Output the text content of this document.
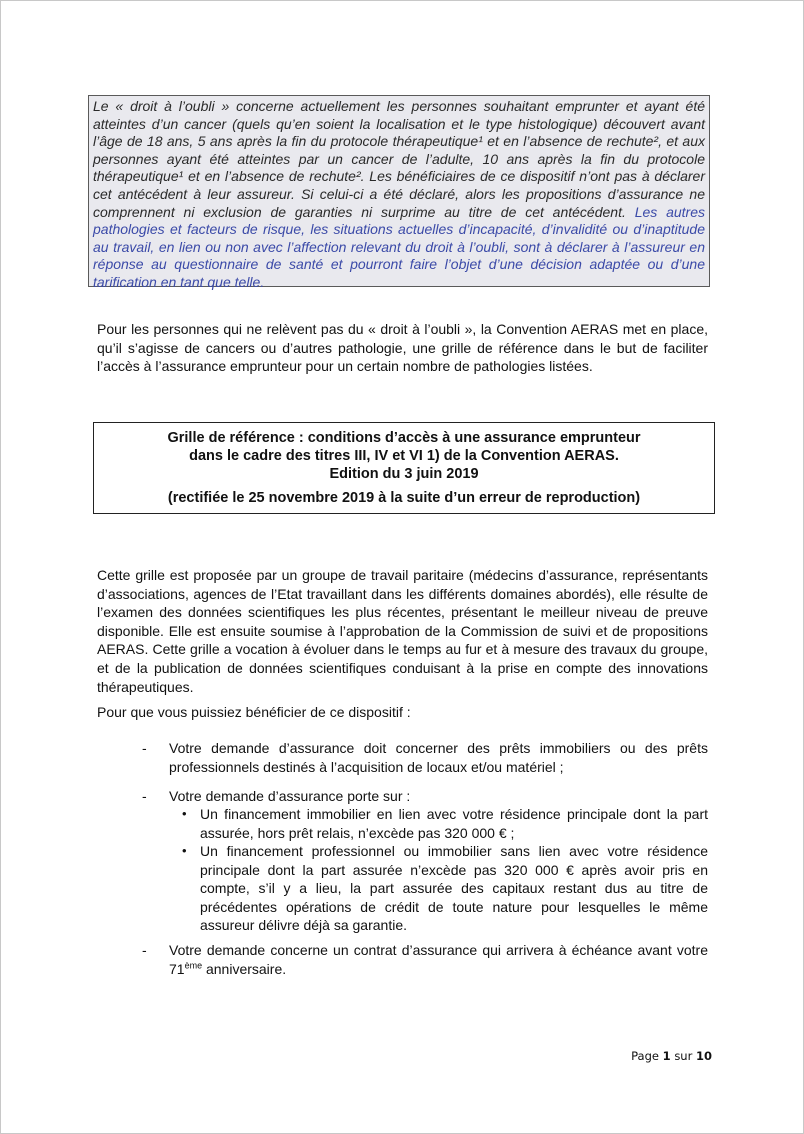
Le « droit à l’oubli » concerne actuellement les personnes souhaitant emprunter et ayant été atteintes d’un cancer (quels qu’en soient la localisation et le type histologique) découvert avant l’âge de 18 ans, 5 ans après la fin du protocole thérapeutique¹ et en l’absence de rechute², et aux personnes ayant été atteintes par un cancer de l’adulte, 10 ans après la fin du protocole thérapeutique¹ et en l’absence de rechute². Les bénéficiaires de ce dispositif n’ont pas à déclarer cet antécédent à leur assureur. Si celui-ci a été déclaré, alors les propositions d’assurance ne comprennent ni exclusion de garanties ni surprime au titre de cet antécédent. Les autres pathologies et facteurs de risque, les situations actuelles d’incapacité, d’invalidité ou d’inaptitude au travail, en lien ou non avec l’affection relevant du droit à l’oubli, sont à déclarer à l’assureur en réponse au questionnaire de santé et pourront faire l’objet d’une décision adaptée ou d’une tarification en tant que telle.
Pour les personnes qui ne relèvent pas du « droit à l’oubli », la Convention AERAS met en place, qu’il s’agisse de cancers ou d’autres pathologie, une grille de référence dans le but de faciliter l’accès à l’assurance emprunteur pour un certain nombre de pathologies listées.
Grille de référence : conditions d’accès à une assurance emprunteur
dans le cadre des titres III, IV et VI 1) de la Convention AERAS.
Edition du 3 juin 2019
(rectifiée le 25 novembre 2019 à la suite d’un erreur de reproduction)
Cette grille est proposée par un groupe de travail paritaire (médecins d’assurance, représentants d’associations, agences de l’Etat travaillant dans les différents domaines abordés), elle résulte de l’examen des données scientifiques les plus récentes, présentant le meilleur niveau de preuve disponible. Elle est ensuite soumise à l’approbation de la Commission de suivi et de propositions AERAS. Cette grille a vocation à évoluer dans le temps au fur et à mesure des travaux du groupe, et de la publication de données scientifiques conduisant à la prise en compte des innovations thérapeutiques.
Pour que vous puissiez bénéficier de ce dispositif :
- Votre demande d’assurance doit concerner des prêts immobiliers ou des prêts professionnels destinés à l’acquisition de locaux et/ou matériel ;
- Votre demande d’assurance porte sur :
• Un financement immobilier en lien avec votre résidence principale dont la part assurée, hors prêt relais, n’excède pas 320 000 € ;
• Un financement professionnel ou immobilier sans lien avec votre résidence principale dont la part assurée n’excède pas 320 000 € après avoir pris en compte, s’il y a lieu, la part assurée des capitaux restant dus au titre de précédentes opérations de crédit de toute nature pour lesquelles le même assureur délivre déjà sa garantie.
- Votre demande concerne un contrat d’assurance qui arrivera à échéance avant votre 71ème anniversaire.
Page 1 sur 10
